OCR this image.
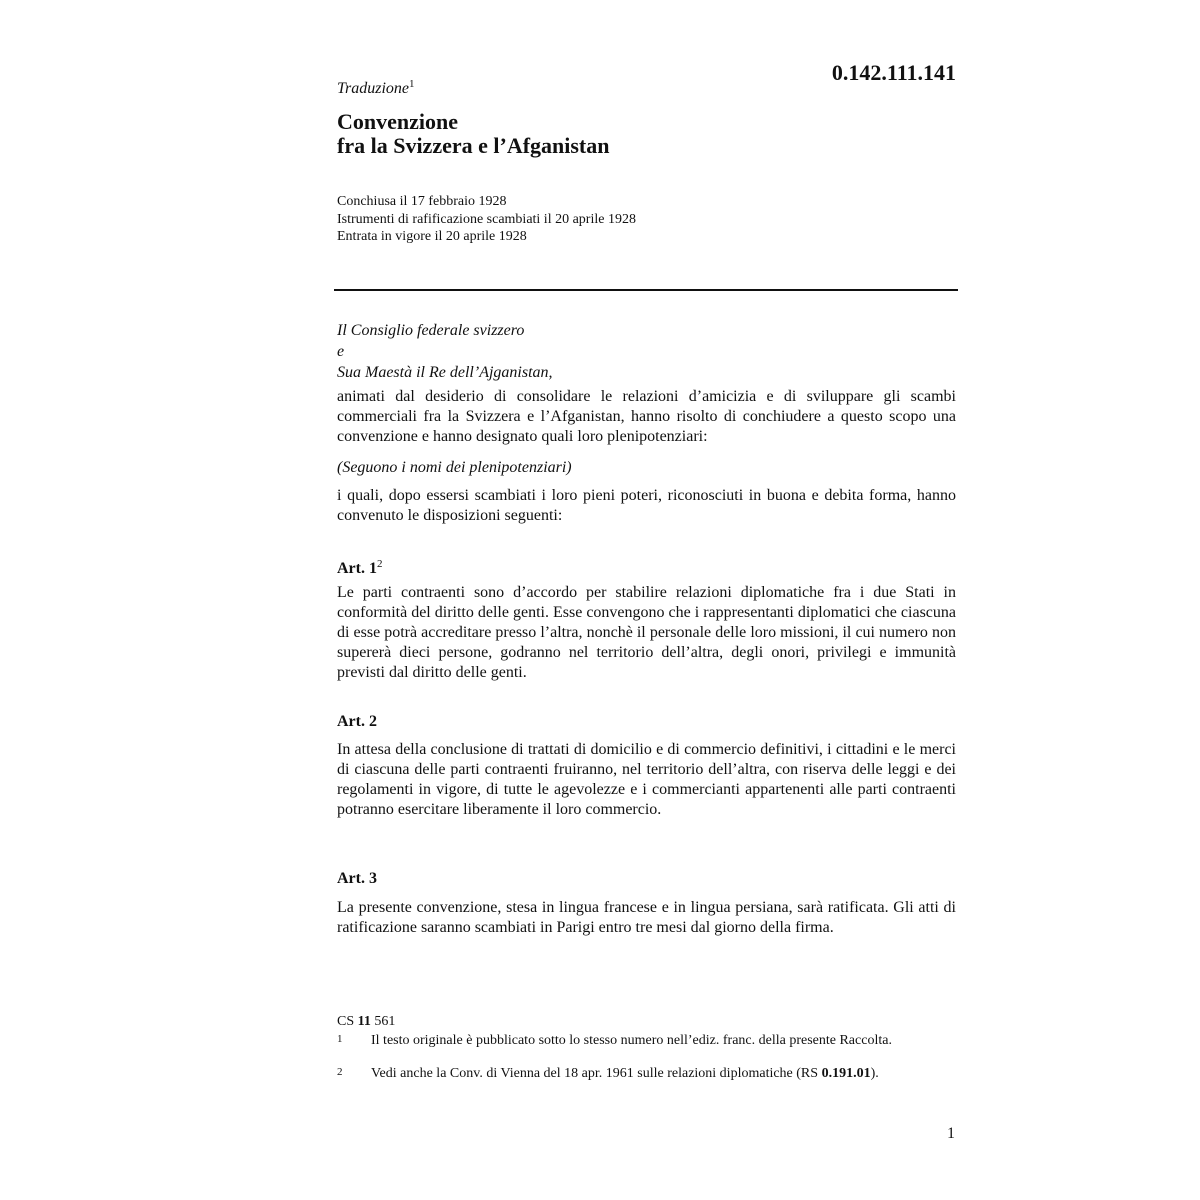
0.142.111.141
Traduzione$^1$
Convenzione
fra la Svizzera e l’Afganistan
Conchiusa il 17 febbraio 1928
Istrumenti di rafificazione scambiati il 20 aprile 1928
Entrata in vigore il 20 aprile 1928
Il Consiglio federale svizzero
e
Sua Maestà il Re dell’Ajganistan,
animati dal desiderio di consolidare le relazioni d’amicizia e di sviluppare gli scambi commerciali fra la Svizzera e l’Afganistan, hanno risolto di conchiudere a questo scopo una convenzione e hanno designato quali loro plenipotenziari:
(Seguono i nomi dei plenipotenziari)
i quali, dopo essersi scambiati i loro pieni poteri, riconosciuti in buona e debita forma, hanno convenuto le disposizioni seguenti:
Art. $1^2$
Le parti contraenti sono d’accordo per stabilire relazioni diplomatiche fra i due Stati in conformità del diritto delle genti. Esse convengono che i rappresentanti diplomatici che ciascuna di esse potrà accreditare presso l’altra, nonchè il personale delle loro missioni, il cui numero non supererà dieci persone, godranno nel territorio dell’altra, degli onori, privilegi e immunità previsti dal diritto delle genti.
Art. 2
In attesa della conclusione di trattati di domicilio e di commercio definitivi, i cittadini e le merci di ciascuna delle parti contraenti fruiranno, nel territorio dell’altra, con riserva delle leggi e dei regolamenti in vigore, di tutte le agevolezze e i commercianti appartenenti alle parti contraenti potranno esercitare liberamente il loro commercio.
Art. 3
La presente convenzione, stesa in lingua francese e in lingua persiana, sarà ratificata. Gli atti di ratificazione saranno scambiati in Parigi entro tre mesi dal giorno della firma.
CS 11 561
1 Il testo originale è pubblicato sotto lo stesso numero nell’ediz. franc. della presente Raccolta.
2 Vedi anche la Conv. di Vienna del 18 apr. 1961 sulle relazioni diplomatiche (RS 0.191.01).
1
